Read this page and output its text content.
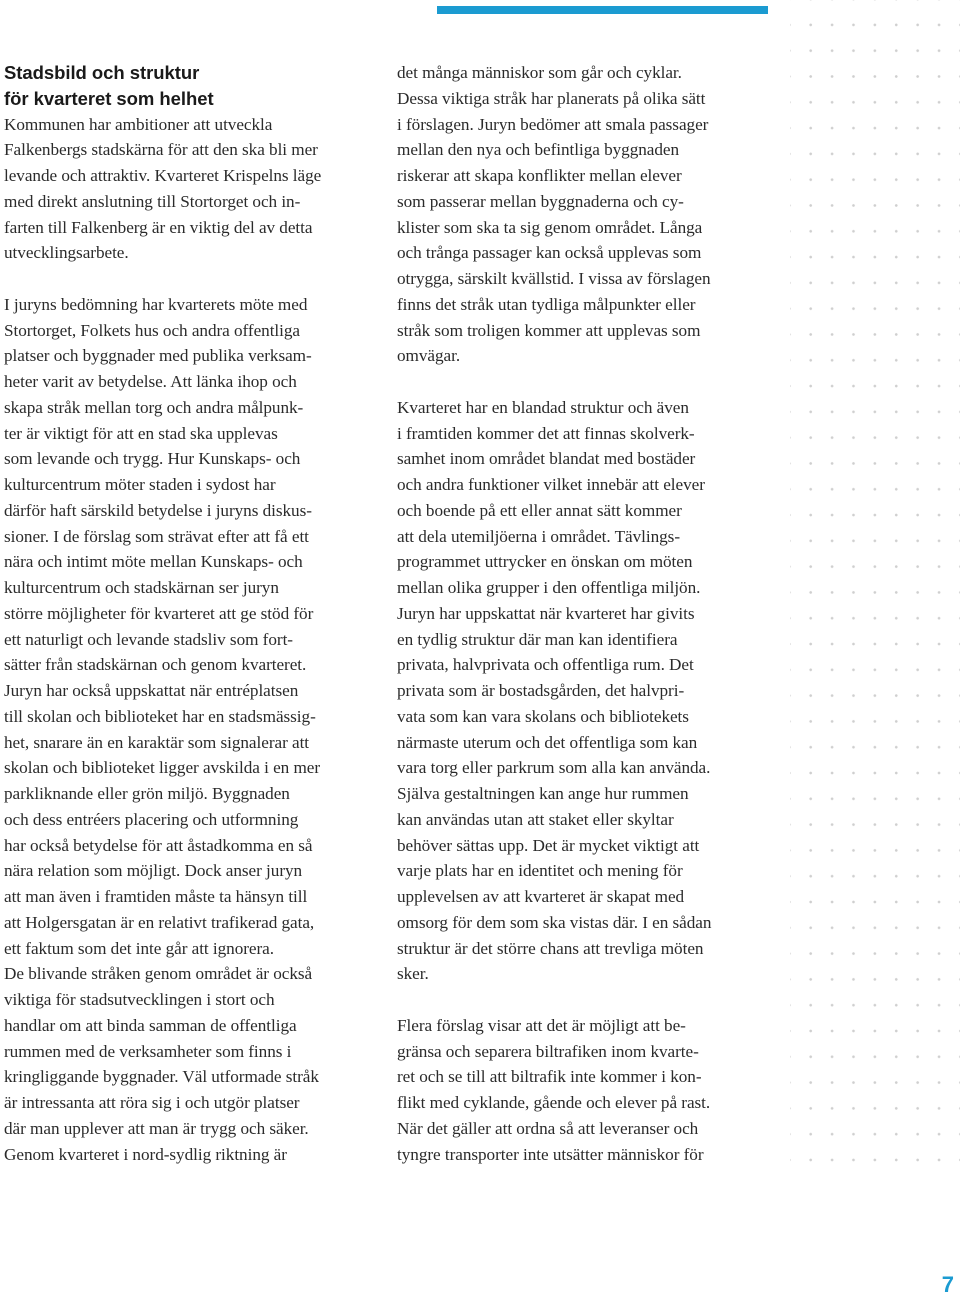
Stadsbild och struktur
för kvarteret som helhet

Kommunen har ambitioner att utveckla
Falkenbergs stadskärna för att den ska bli mer
levande och attraktiv. Kvarteret Krispelns läge
med direkt anslutning till Stortorget och in-
farten till Falkenberg är en viktig del av detta
utvecklingsarbete.

I juryns bedömning har kvarterets möte med
Stortorget, Folkets hus och andra offentliga
platser och byggnader med publika verksam-
heter varit av betydelse. Att länka ihop och
skapa stråk mellan torg och andra målpunk-
ter är viktigt för att en stad ska upplevas
som levande och trygg. Hur Kunskaps- och
kulturcentrum möter staden i sydost har
därför haft särskild betydelse i juryns diskus-
sioner. I de förslag som strävat efter att få ett
nära och intimt möte mellan Kunskaps- och
kulturcentrum och stadskärnan ser juryn
större möjligheter för kvarteret att ge stöd för
ett naturligt och levande stadsliv som fort-
sätter från stadskärnan och genom kvarteret.
Juryn har också uppskattat när entréplatsen
till skolan och biblioteket har en stadsmässig-
het, snarare än en karaktär som signalerar att
skolan och biblioteket ligger avskilda i en mer
parkliknande eller grön miljö. Byggnaden
och dess entréers placering och utformning
har också betydelse för att åstadkomma en så
nära relation som möjligt. Dock anser juryn
att man även i framtiden måste ta hänsyn till
att Holgersgatan är en relativt trafikerad gata,
ett faktum som det inte går att ignorera.
De blivande stråken genom området är också
viktiga för stadsutvecklingen i stort och
handlar om att binda samman de offentliga
rummen med de verksamheter som finns i
kringliggande byggnader. Väl utformade stråk
är intressanta att röra sig i och utgör platser
där man upplever att man är trygg och säker.
Genom kvarteret i nord-sydlig riktning är

det många människor som går och cyklar.
Dessa viktiga stråk har planerats på olika sätt
i förslagen. Juryn bedömer att smala passager
mellan den nya och befintliga byggnaden
riskerar att skapa konflikter mellan elever
som passerar mellan byggnaderna och cy-
klister som ska ta sig genom området. Långa
och trånga passager kan också upplevas som
otrygga, särskilt kvällstid. I vissa av förslagen
finns det stråk utan tydliga målpunkter eller
stråk som troligen kommer att upplevas som
omvägar.

Kvarteret har en blandad struktur och även
i framtiden kommer det att finnas skolverk-
samhet inom området blandat med bostäder
och andra funktioner vilket innebär att elever
och boende på ett eller annat sätt kommer
att dela utemiljöerna i området. Tävlings-
programmet uttrycker en önskan om möten
mellan olika grupper i den offentliga miljön.
Juryn har uppskattat när kvarteret har givits
en tydlig struktur där man kan identifiera
privata, halvprivata och offentliga rum. Det
privata som är bostadsgården, det halvpri-
vata som kan vara skolans och bibliotekets
närmaste uterum och det offentliga som kan
vara torg eller parkrum som alla kan använda.
Själva gestaltningen kan ange hur rummen
kan användas utan att staket eller skyltar
behöver sättas upp. Det är mycket viktigt att
varje plats har en identitet och mening för
upplevelsen av att kvarteret är skapat med
omsorg för dem som ska vistas där. I en sådan
struktur är det större chans att trevliga möten
sker.

Flera förslag visar att det är möjligt att be-
gränsa och separera biltrafiken inom kvarte-
ret och se till att biltrafik inte kommer i kon-
flikt med cyklande, gående och elever på rast.
När det gäller att ordna så att leveranser och
tyngre transporter inte utsätter människor för

7
